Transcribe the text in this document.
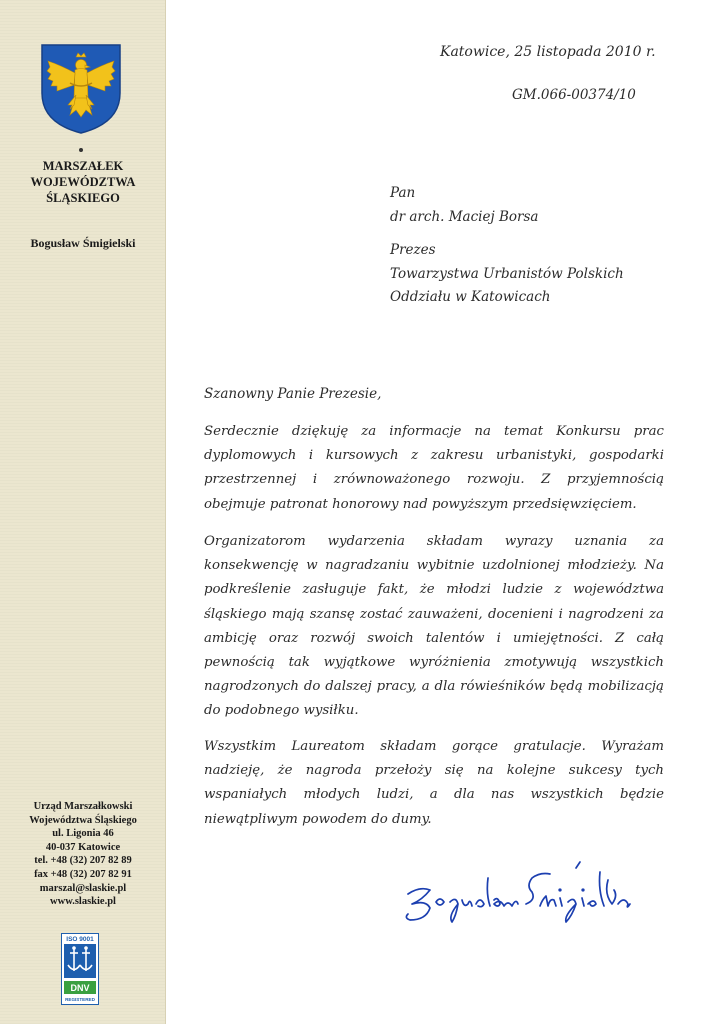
MARSZAŁEK
WOJEWÓDZTWA
ŚLĄSKIEGO
Bogusław Śmigielski
Urząd Marszałkowski
Województwa Śląskiego
ul. Ligonia 46
40-037 Katowice
tel. +48 (32) 207 82 89
fax +48 (32) 207 82 91
marszal@slaskie.pl
www.slaskie.pl
ISO 9001
DNV
REGISTERED
Katowice, 25 listopada 2010 r.
GM.066-00374/10
Pan
dr arch. Maciej Borsa
Prezes
Towarzystwa Urbanistów Polskich
Oddziału w Katowicach
Szanowny Panie Prezesie,

Serdecznie dziękuję za informacje na temat Konkursu prac dyplomowych i kursowych z zakresu urbanistyki, gospodarki przestrzennej i zrównoważonego rozwoju. Z przyjemnością obejmuje patronat honorowy nad powyższym przedsięwzięciem.

Organizatorom wydarzenia składam wyrazy uznania za konsekwencję w nagradzaniu wybitnie uzdolnionej młodzieży. Na podkreślenie zasługuje fakt, że młodzi ludzie z województwa śląskiego mają szansę zostać zauważeni, docenieni i nagrodzeni za ambicję oraz rozwój swoich talentów i umiejętności. Z całą pewnością tak wyjątkowe wyróżnienia zmotywują wszystkich nagrodzonych do dalszej pracy, a dla rówieśników będą mobilizacją do podobnego wysiłku.

Wszystkim Laureatom składam gorące gratulacje. Wyrażam nadzieję, że nagroda przełoży się na kolejne sukcesy tych wspaniałych młodych ludzi, a dla nas wszystkich będzie niewątpliwym powodem do dumy.
